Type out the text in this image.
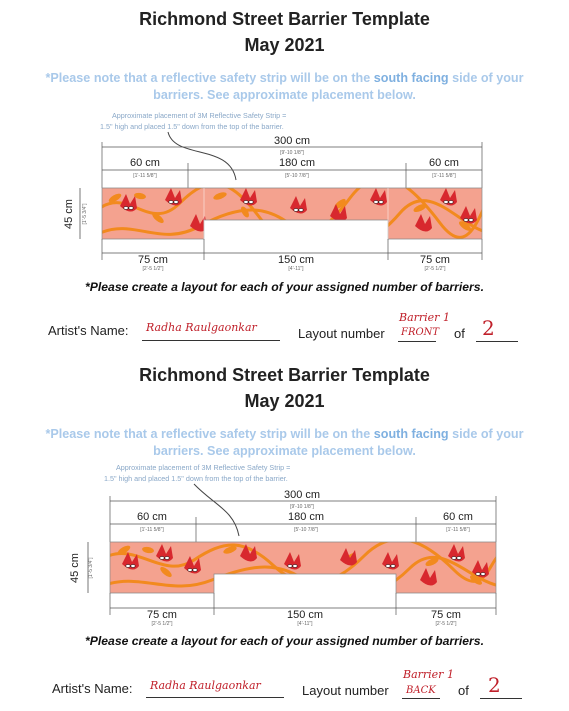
Richmond Street Barrier Template
May 2021
*Please note that a reflective safety strip will be on the south facing side of your barriers. See approximate placement below.
Approximate placement of 3M Reflective Safety Strip =
1.5" high and placed 1.5" down from the top of the barrier.
300 cm
[9'-10 1/8"]
60 cm
[1'-11 5/8"]
180 cm
[5'-10 7/8"]
60 cm
[1'-11 5/8"]
45 cm [1'-5 3/4"]
75 cm
[2'-5 1/2"]
150 cm
[4'-11"]
75 cm
[2'-5 1/2"]
*Please create a layout for each of your assigned number of barriers.
Artist's Name: Radha Raulgaonkar	Layout number
Barrier 1
FRONT of 2
Richmond Street Barrier Template
May 2021
*Please note that a reflective safety strip will be on the south facing side of your barriers. See approximate placement below.
Approximate placement of 3M Reflective Safety Strip =
1.5" high and placed 1.5" down from the top of the barrier.
300 cm
[9'-10 1/8"]
60 cm
[1'-11 5/8"]
180 cm
[5'-10 7/8"]
60 cm
[1'-11 5/8"]
45 cm [1'-5 3/4"]
75 cm
[2'-5 1/2"]
150 cm
[4'-11"]
75 cm
[2'-5 1/2"]
*Please create a layout for each of your assigned number of barriers.
Artist's Name: Radha Raulgaonkar	Layout number
Barrier 1
BACK of 2
